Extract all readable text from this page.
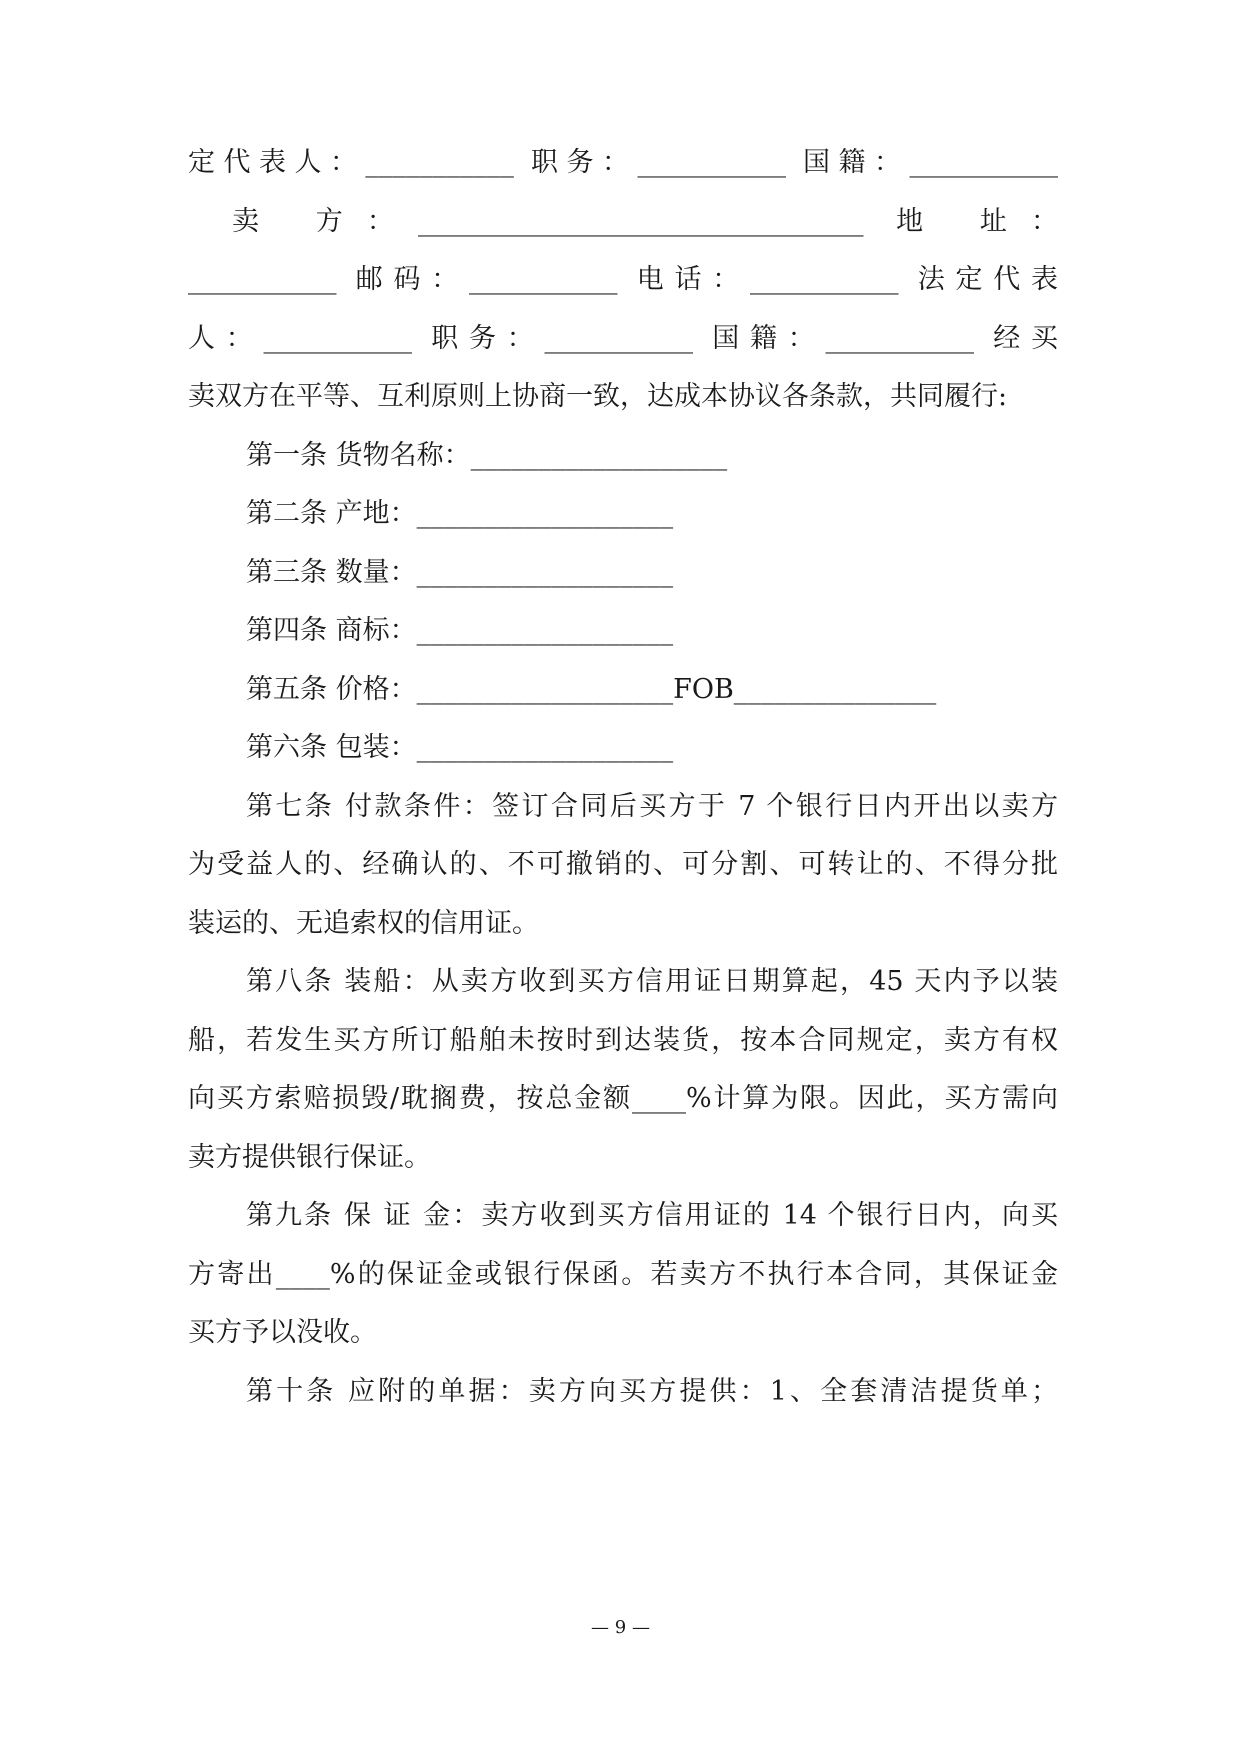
定代表人：___________ 职务：___________ 国籍：___________
卖 方：_________________________________ 地 址：
___________ 邮码：___________ 电话：___________ 法定代表
人：___________ 职务：___________ 国籍：___________ 经买
卖双方在平等、互利原则上协商一致，达成本协议各条款，共同履行:
第一条 货物名称：___________________
第二条 产地：___________________
第三条 数量：___________________
第四条 商标：___________________
第五条 价格：___________________FOB_______________
第六条 包装：___________________
第七条 付款条件：签订合同后买方于 7 个银行日内开出以卖方
为受益人的、经确认的、不可撤销的、可分割、可转让的、不得分批
装运的、无追索权的信用证。
第八条 装船：从卖方收到买方信用证日期算起，45 天内予以装
船，若发生买方所订船舶未按时到达装货，按本合同规定，卖方有权
向买方索赔损毁/耽搁费，按总金额____%计算为限。因此，买方需向
卖方提供银行保证。
第九条 保 证 金：卖方收到买方信用证的 14 个银行日内，向买
方寄出____%的保证金或银行保函。若卖方不执行本合同，其保证金
买方予以没收。
第十条 应附的单据：卖方向买方提供：1、全套清洁提货单；
— 9 —
